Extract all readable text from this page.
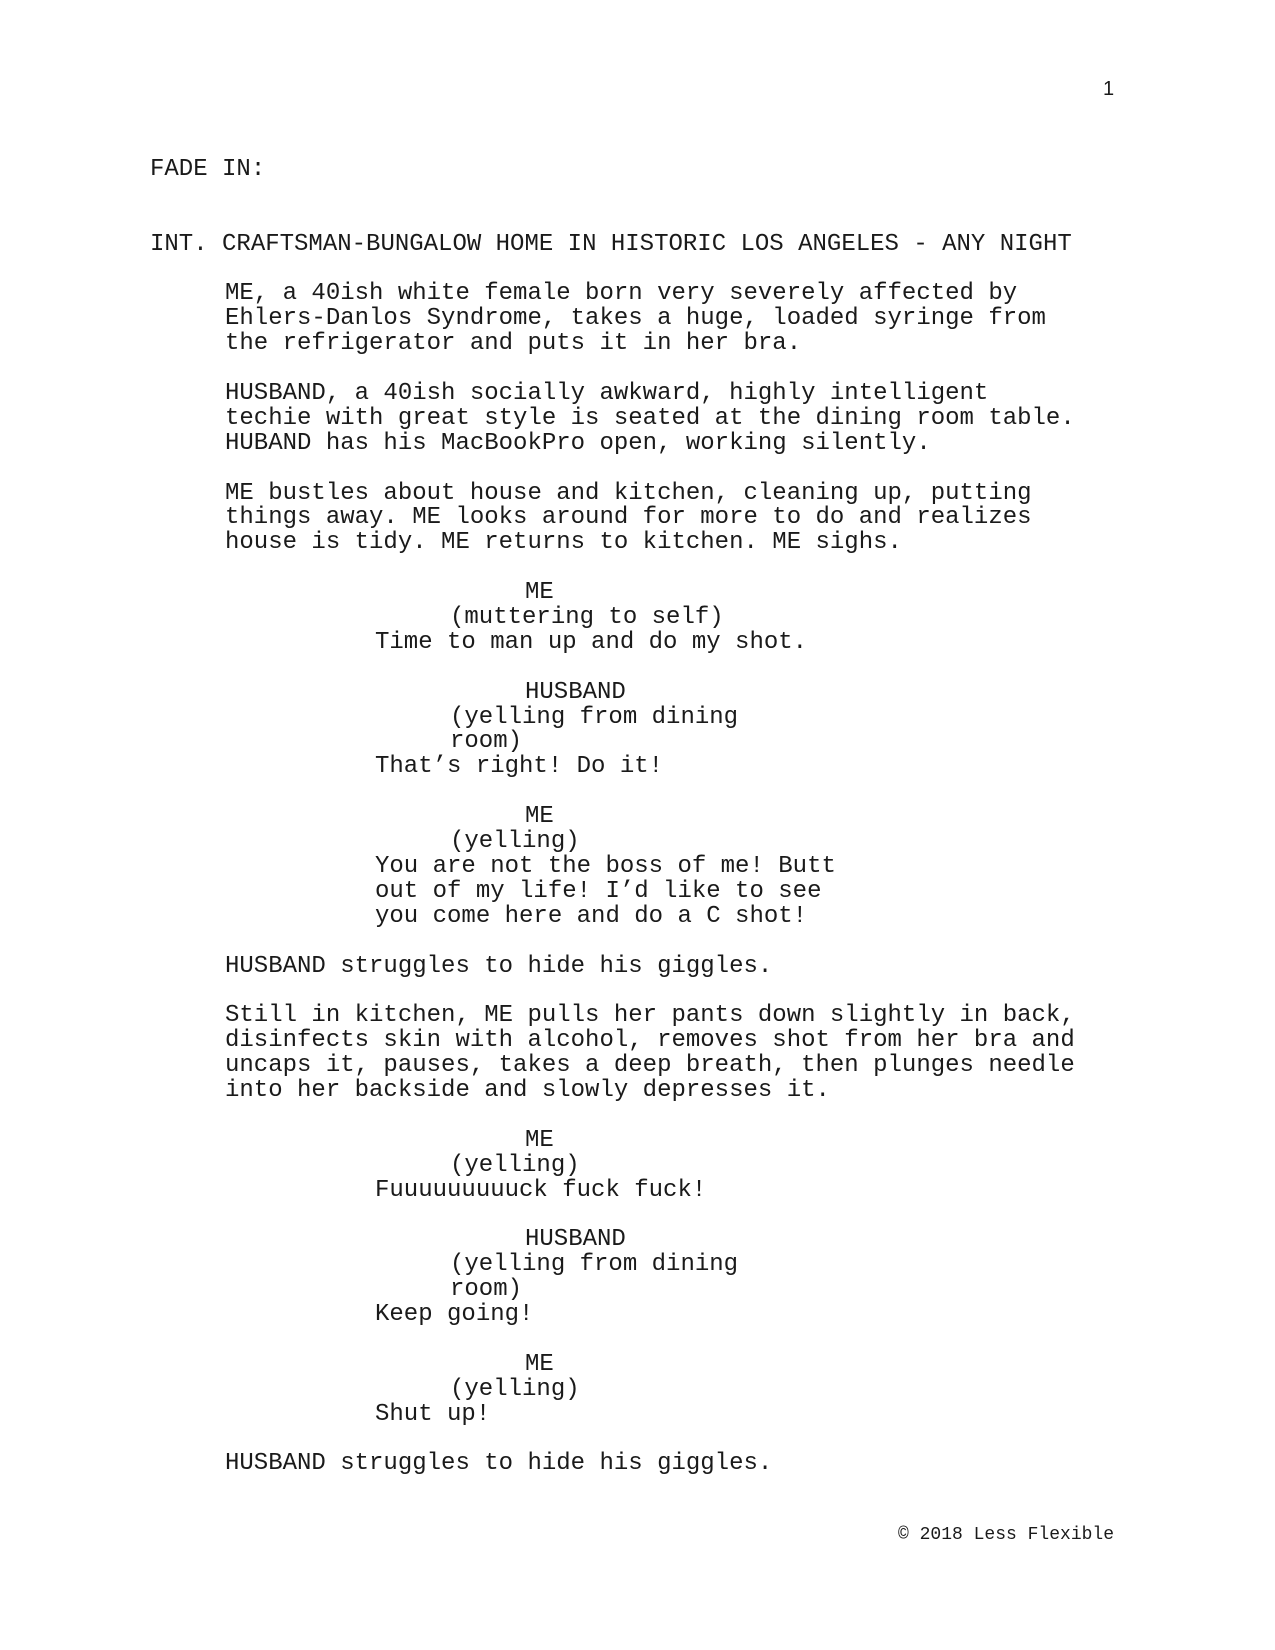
1
FADE IN:
INT. CRAFTSMAN-BUNGALOW HOME IN HISTORIC LOS ANGELES - ANY NIGHT
ME, a 40ish white female born very severely affected by
Ehlers-Danlos Syndrome, takes a huge, loaded syringe from
the refrigerator and puts it in her bra.
HUSBAND, a 40ish socially awkward, highly intelligent
techie with great style is seated at the dining room table.
HUBAND has his MacBookPro open, working silently.
ME bustles about house and kitchen, cleaning up, putting
things away. ME looks around for more to do and realizes
house is tidy. ME returns to kitchen. ME sighs.
ME
(muttering to self)
Time to man up and do my shot.
HUSBAND
(yelling from dining
room)
That’s right! Do it!
ME
(yelling)
You are not the boss of me! Butt
out of my life! I’d like to see
you come here and do a C shot!
HUSBAND struggles to hide his giggles.
Still in kitchen, ME pulls her pants down slightly in back,
disinfects skin with alcohol, removes shot from her bra and
uncaps it, pauses, takes a deep breath, then plunges needle
into her backside and slowly depresses it.
ME
(yelling)
Fuuuuuuuuuck fuck fuck!
HUSBAND
(yelling from dining
room)
Keep going!
ME
(yelling)
Shut up!
HUSBAND struggles to hide his giggles.
© 2018 Less Flexible
